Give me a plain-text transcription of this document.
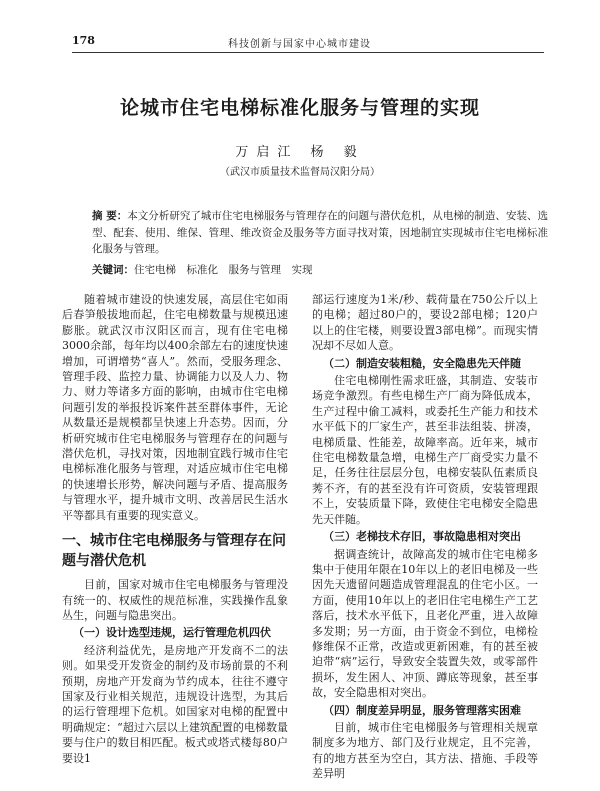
178	科技创新与国家中心城市建设
论城市住宅电梯标准化服务与管理的实现
万启江 杨 毅
（武汉市质量技术监督局汉阳分局）

摘 要：本文分析研究了城市住宅电梯服务与管理存在的问题与潜伏危机，从电梯的制造、安装、选型、配套、使用、维保、管理、维改资金及服务等方面寻找对策，因地制宜实现城市住宅电梯标准化服务与管理。

关键词：住宅电梯　标准化　服务与管理　实现

随着城市建设的快速发展，高层住宅如雨后春笋般拔地而起，住宅电梯数量与规模迅速膨胀。就武汉市汉阳区而言，现有住宅电梯3000余部，每年均以400余部左右的速度快速增加，可谓增势“喜人”。然而，受服务理念、管理手段、监控力量、协调能力以及人力、物力、财力等诸多方面的影响，由城市住宅电梯问题引发的举报投诉案件甚至群体事件，无论从数量还是规模都呈快速上升态势。因而，分析研究城市住宅电梯服务与管理存在的问题与潜伏危机，寻找对策，因地制宜践行城市住宅电梯标准化服务与管理，对适应城市住宅电梯的快速增长形势，解决问题与矛盾、提高服务与管理水平，提升城市文明、改善居民生活水平等都具有重要的现实意义。

一、城市住宅电梯服务与管理存在问题与潜伏危机

目前，国家对城市住宅电梯服务与管理没有统一的、权威性的规范标准，实践操作乱象丛生，问题与隐患突出。

（一）设计选型违规，运行管理危机四伏

经济利益优先，是房地产开发商不二的法则。如果受开发资金的制约及市场前景的不利预期，房地产开发商为节约成本，往往不遵守国家及行业相关规范，违规设计选型，为其后的运行管理埋下危机。如国家对电梯的配置中明确规定：“超过六层以上建筑配置的电梯数量要与住户的数目相匹配。板式或塔式楼每80户要设1

部运行速度为1米/秒、载荷量在750公斤以上的电梯；超过80户的，要设2部电梯；120户以上的住宅楼，则要设置3部电梯”。而现实情况却不尽如人意。

（二）制造安装粗糙，安全隐患先天伴随

住宅电梯刚性需求旺盛，其制造、安装市场竞争激烈。有些电梯生产厂商为降低成本，生产过程中偷工减料，或委托生产能力和技术水平低下的厂家生产，甚至非法组装、拼凑，电梯质量、性能差，故障率高。近年来，城市住宅电梯数量急增，电梯生产厂商受实力量不足，任务往往层层分包，电梯安装队伍素质良莠不齐，有的甚至没有许可资质，安装管理跟不上，安装质量下降，致使住宅电梯安全隐患先天伴随。

（三）老梯技术存旧，事故隐患相对突出

据调查统计，故障高发的城市住宅电梯多集中于使用年限在10年以上的老旧电梯及一些因先天遗留问题造成管理混乱的住宅小区。一方面，使用10年以上的老旧住宅电梯生产工艺落后，技术水平低下，且老化严重，进入故障多发期；另一方面，由于资金不到位，电梯检修维保不正常，改造或更新困难，有的甚至被迫带“病”运行，导致安全装置失效，或零部件损坏，发生困人、冲顶、蹲底等现象，甚至事故，安全隐患相对突出。

（四）制度差异明显，服务管理落实困难

目前，城市住宅电梯服务与管理相关规章制度多为地方、部门及行业规定，且不完善，有的地方甚至为空白，其方法、措施、手段等差异明
